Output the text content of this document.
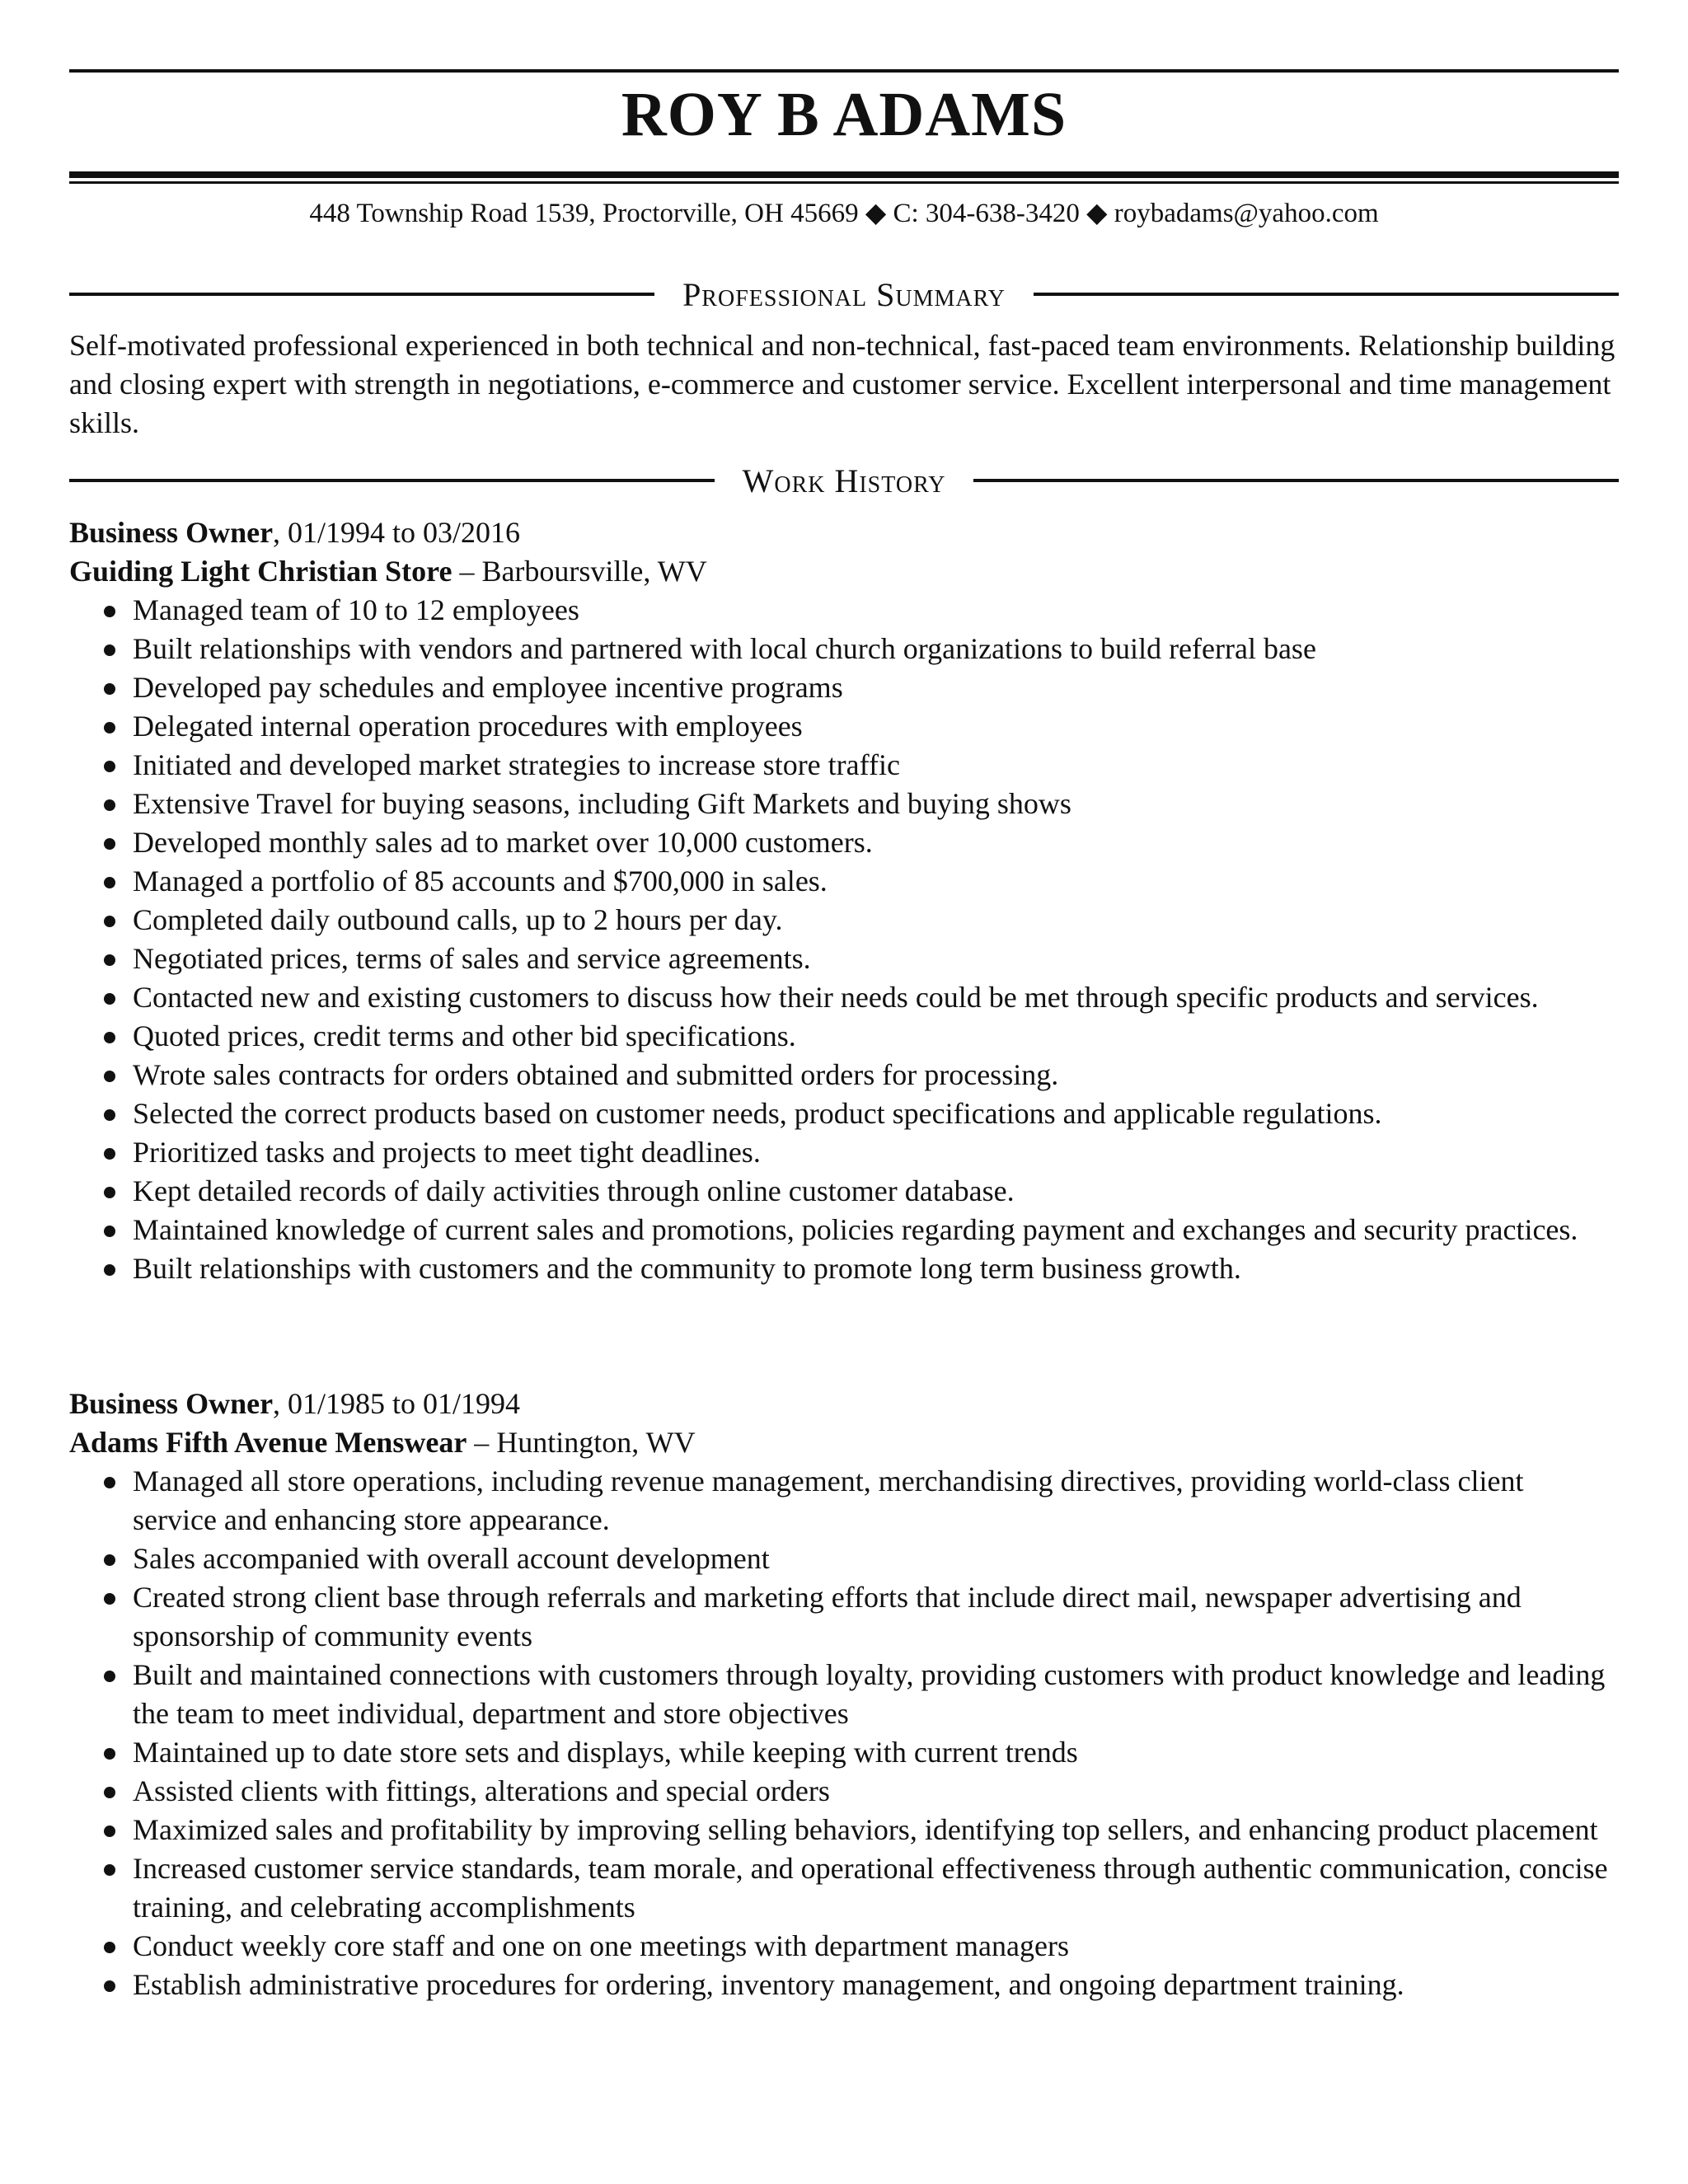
ROY B ADAMS
448 Township Road 1539, Proctorville, OH 45669 ◆ C: 304-638-3420 ◆ roybadams@yahoo.com
Professional Summary
Self-motivated professional experienced in both technical and non-technical, fast-paced team environments. Relationship building and closing expert with strength in negotiations, e-commerce and customer service. Excellent interpersonal and time management skills.
Work History
Business Owner, 01/1994 to 03/2016
Guiding Light Christian Store – Barboursville, WV
Managed team of 10 to 12 employees
Built relationships with vendors and partnered with local church organizations to build referral base
Developed pay schedules and employee incentive programs
Delegated internal operation procedures with employees
Initiated and developed market strategies to increase store traffic
Extensive Travel for buying seasons, including Gift Markets and buying shows
Developed monthly sales ad to market over 10,000 customers.
Managed a portfolio of 85 accounts and $700,000 in sales.
Completed daily outbound calls, up to 2 hours per day.
Negotiated prices, terms of sales and service agreements.
Contacted new and existing customers to discuss how their needs could be met through specific products and services.
Quoted prices, credit terms and other bid specifications.
Wrote sales contracts for orders obtained and submitted orders for processing.
Selected the correct products based on customer needs, product specifications and applicable regulations.
Prioritized tasks and projects to meet tight deadlines.
Kept detailed records of daily activities through online customer database.
Maintained knowledge of current sales and promotions, policies regarding payment and exchanges and security practices.
Built relationships with customers and the community to promote long term business growth.
Business Owner, 01/1985 to 01/1994
Adams Fifth Avenue Menswear – Huntington, WV
Managed all store operations, including revenue management, merchandising directives, providing world-class client service and enhancing store appearance.
Sales accompanied with overall account development
Created strong client base through referrals and marketing efforts that include direct mail, newspaper advertising and sponsorship of community events
Built and maintained connections with customers through loyalty, providing customers with product knowledge and leading the team to meet individual, department and store objectives
Maintained up to date store sets and displays, while keeping with current trends
Assisted clients with fittings, alterations and special orders
Maximized sales and profitability by improving selling behaviors, identifying top sellers, and enhancing product placement
Increased customer service standards, team morale, and operational effectiveness through authentic communication, concise training, and celebrating accomplishments
Conduct weekly core staff and one on one meetings with department managers
Establish administrative procedures for ordering, inventory management, and ongoing department training.
